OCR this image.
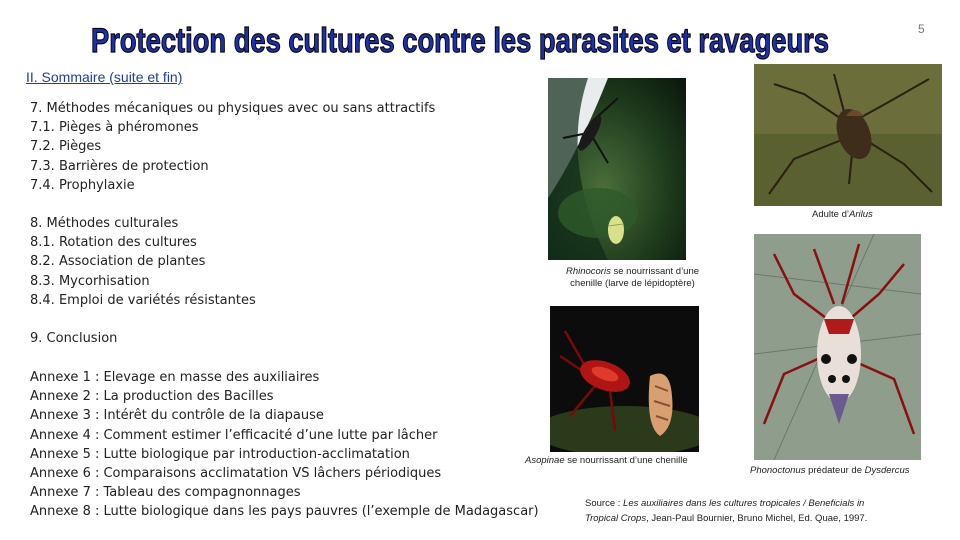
Protection des cultures contre les parasites et ravageurs	5
II. Sommaire (suite et fin)
7. Méthodes mécaniques ou physiques avec ou sans attractifs
7.1. Pièges à phéromones
7.2. Pièges
7.3. Barrières de protection
7.4. Prophylaxie
8. Méthodes culturales
8.1. Rotation des cultures
8.2. Association de plantes
8.3. Mycorhisation
8.4. Emploi de variétés résistantes
9. Conclusion
Annexe 1 : Elevage en masse des auxiliaires
Annexe 2 : La production des Bacilles
Annexe 3 : Intérêt du contrôle de la diapause
Annexe 4 : Comment estimer l’efficacité d’une lutte par lâcher
Annexe 5 : Lutte biologique par introduction-acclimatation
Annexe 6 : Comparaisons acclimatation VS lâchers périodiques
Annexe 7 : Tableau des compagnonnages
Annexe 8 : Lutte biologique dans les pays pauvres (l’exemple de Madagascar)
Adulte d’Arilus
Rhinocoris se nourrissant d’une
chenille (larve de lépidoptère)
Asopinae se nourrissant d’une chenille
Phonoctonus prédateur de Dysdercus
Source : Les auxiliaires dans les cultures tropicales / Beneficials in
Tropical Crops, Jean-Paul Bournier, Bruno Michel, Ed. Quae, 1997.
